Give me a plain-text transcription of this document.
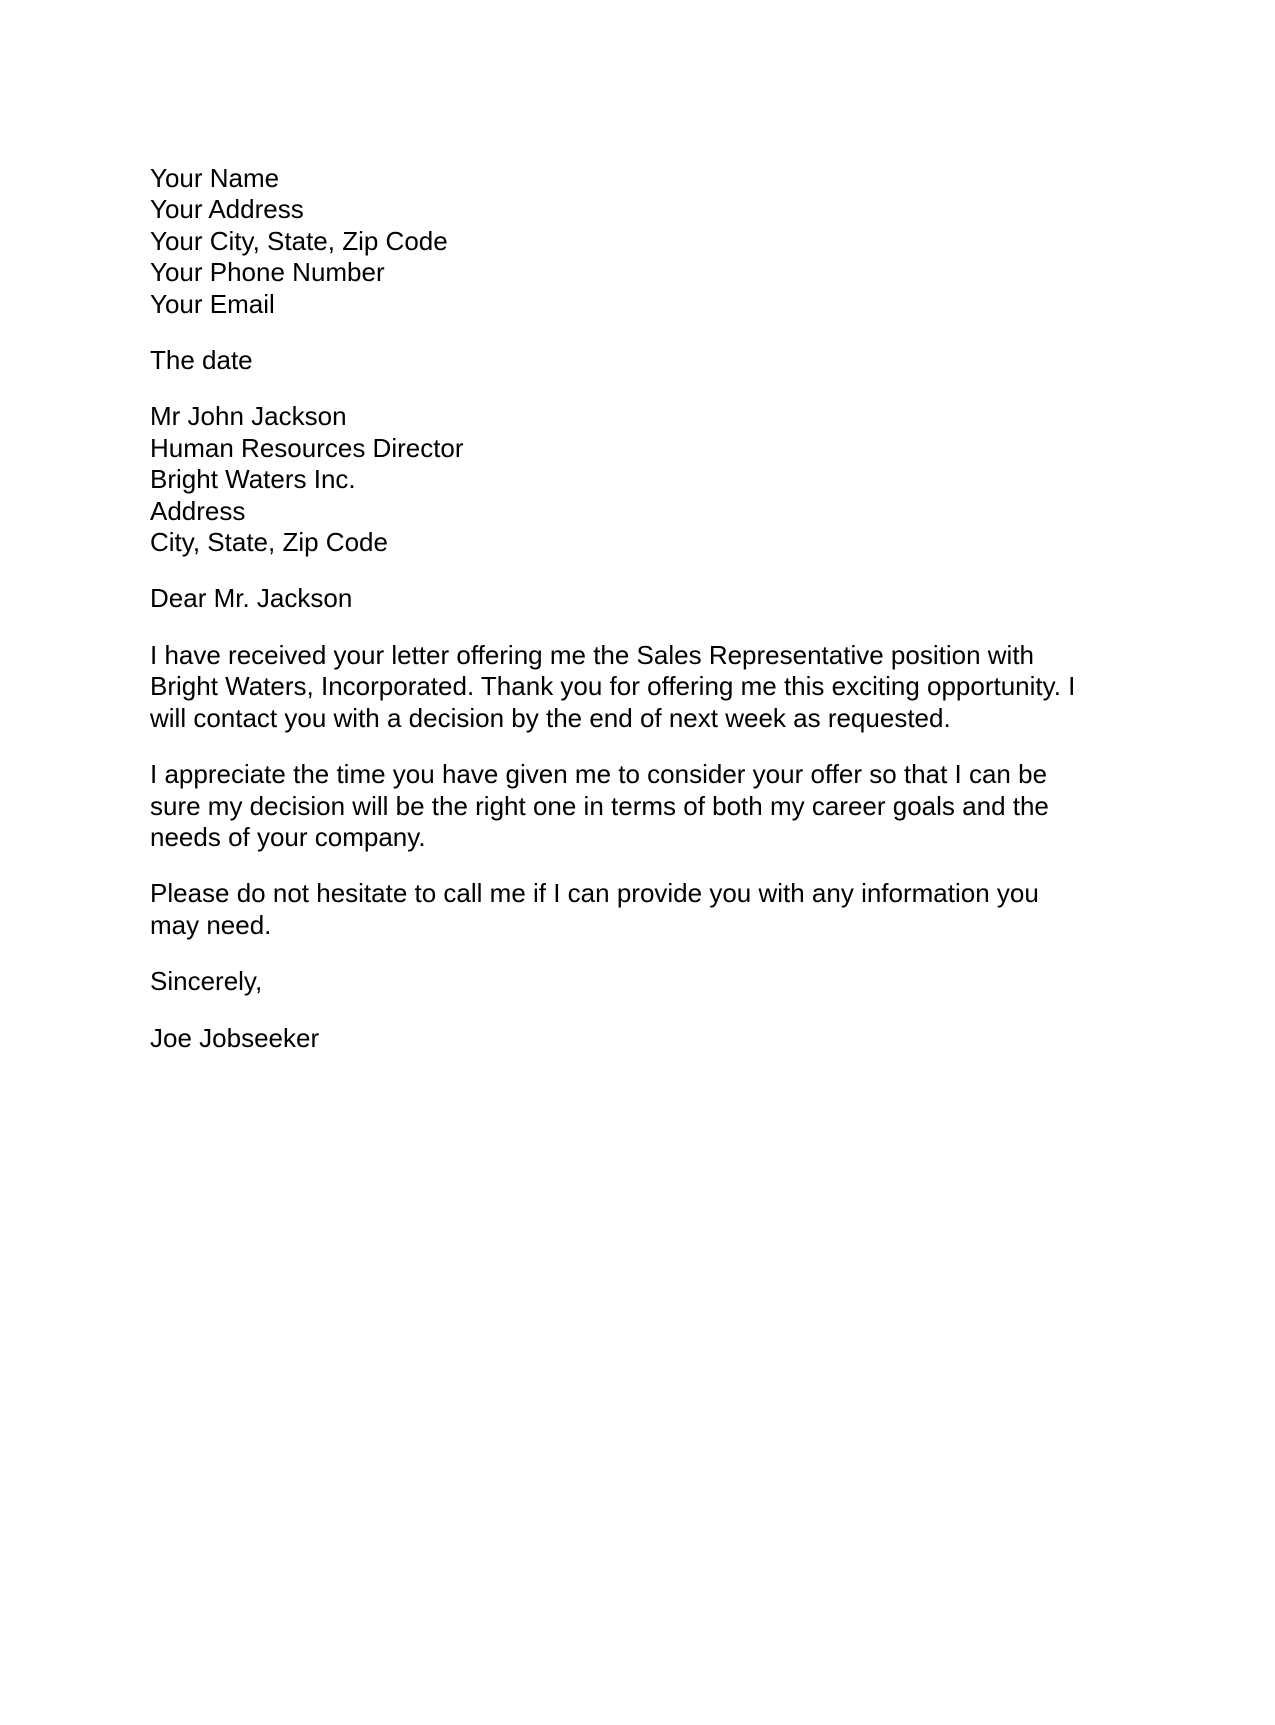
Your Name
Your Address
Your City, State, Zip Code
Your Phone Number
Your Email
The date
Mr John Jackson
Human Resources Director
Bright Waters Inc.
Address
City, State, Zip Code
Dear Mr. Jackson
I have received your letter offering me the Sales Representative position with
Bright Waters, Incorporated. Thank you for offering me this exciting opportunity. I
will contact you with a decision by the end of next week as requested.
I appreciate the time you have given me to consider your offer so that I can be
sure my decision will be the right one in terms of both my career goals and the
needs of your company.
Please do not hesitate to call me if I can provide you with any information you
may need.
Sincerely,
Joe Jobseeker
